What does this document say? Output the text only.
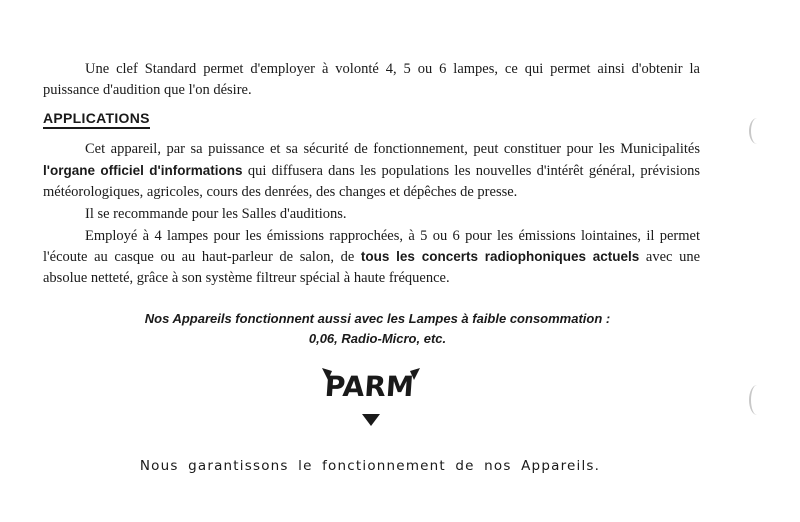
Une clef Standard permet d'employer à volonté 4, 5 ou 6 lampes, ce qui permet ainsi d'obtenir la

puissance d'audition que l'on désire.

APPLICATIONS

Cet appareil, par sa puissance et sa sécurité de fonctionnement, peut constituer pour les Municipalités

l'organe officiel d'informations qui diffusera dans les populations les nouvelles d'intérêt général, prévisions

météorologiques, agricoles, cours des denrées, des changes et dépêches de presse.

Il se recommande pour les Salles d'auditions.

Employé à 4 lampes pour les émissions rapprochées, à 5 ou 6 pour les émissions lointaines, il permet

l'écoute au casque ou au haut-parleur de salon, de tous les concerts radiophoniques actuels avec une

absolue netteté, grâce à son système filtreur spécial à haute fréquence.

Nos Appareils fonctionnent aussi avec les Lampes à faible consommation :

0,06, Radio-Micro, etc.

PARM

Nous garantissons le fonctionnement de nos Appareils.
